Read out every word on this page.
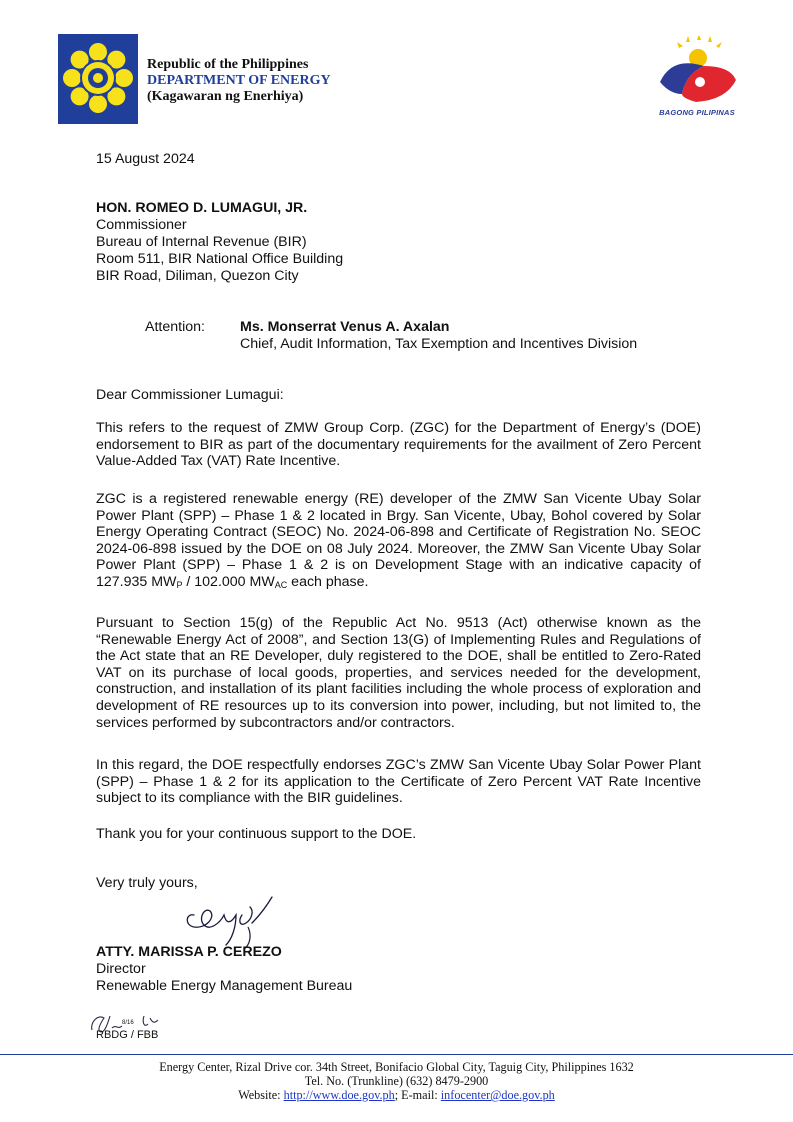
Republic of the Philippines
DEPARTMENT OF ENERGY
(Kagawaran ng Enerhiya)
BAGONG PILIPINAS
15 August 2024
HON. ROMEO D. LUMAGUI, JR.
Commissioner
Bureau of Internal Revenue (BIR)
Room 511, BIR National Office Building
BIR Road, Diliman, Quezon City
Attention: Ms. Monserrat Venus A. Axalan
Chief, Audit Information, Tax Exemption and Incentives Division
Dear Commissioner Lumagui:
This refers to the request of ZMW Group Corp. (ZGC) for the Department of Energy’s (DOE) endorsement to BIR as part of the documentary requirements for the availment of Zero Percent Value-Added Tax (VAT) Rate Incentive.
ZGC is a registered renewable energy (RE) developer of the ZMW San Vicente Ubay Solar Power Plant (SPP) – Phase 1 & 2 located in Brgy. San Vicente, Ubay, Bohol covered by Solar Energy Operating Contract (SEOC) No. 2024-06-898 and Certificate of Registration No. SEOC 2024-06-898 issued by the DOE on 08 July 2024. Moreover, the ZMW San Vicente Ubay Solar Power Plant (SPP) – Phase 1 & 2 is on Development Stage with an indicative capacity of 127.935 $MW_P / 102.000$ $MW_{AC}$ each phase.
Pursuant to Section 15(g) of the Republic Act No. 9513 (Act) otherwise known as the “Renewable Energy Act of 2008”, and Section 13(G) of Implementing Rules and Regulations of the Act state that an RE Developer, duly registered to the DOE, shall be entitled to Zero-Rated VAT on its purchase of local goods, properties, and services needed for the development, construction, and installation of its plant facilities including the whole process of exploration and development of RE resources up to its conversion into power, including, but not limited to, the services performed by subcontractors and/or contractors.
In this regard, the DOE respectfully endorses ZGC’s ZMW San Vicente Ubay Solar Power Plant (SPP) – Phase 1 & 2 for its application to the Certificate of Zero Percent VAT Rate Incentive subject to its compliance with the BIR guidelines.
Thank you for your continuous support to the DOE.
Very truly yours,
ATTY. MARISSA P. CEREZO
Director
Renewable Energy Management Bureau
8/16
RBDG / FBB
Energy Center, Rizal Drive cor. 34th Street, Bonifacio Global City, Taguig City, Philippines 1632
Tel. No. (Trunkline) (632) 8479-2900
Website: http://www.doe.gov.ph; E-mail: infocenter@doe.gov.ph
